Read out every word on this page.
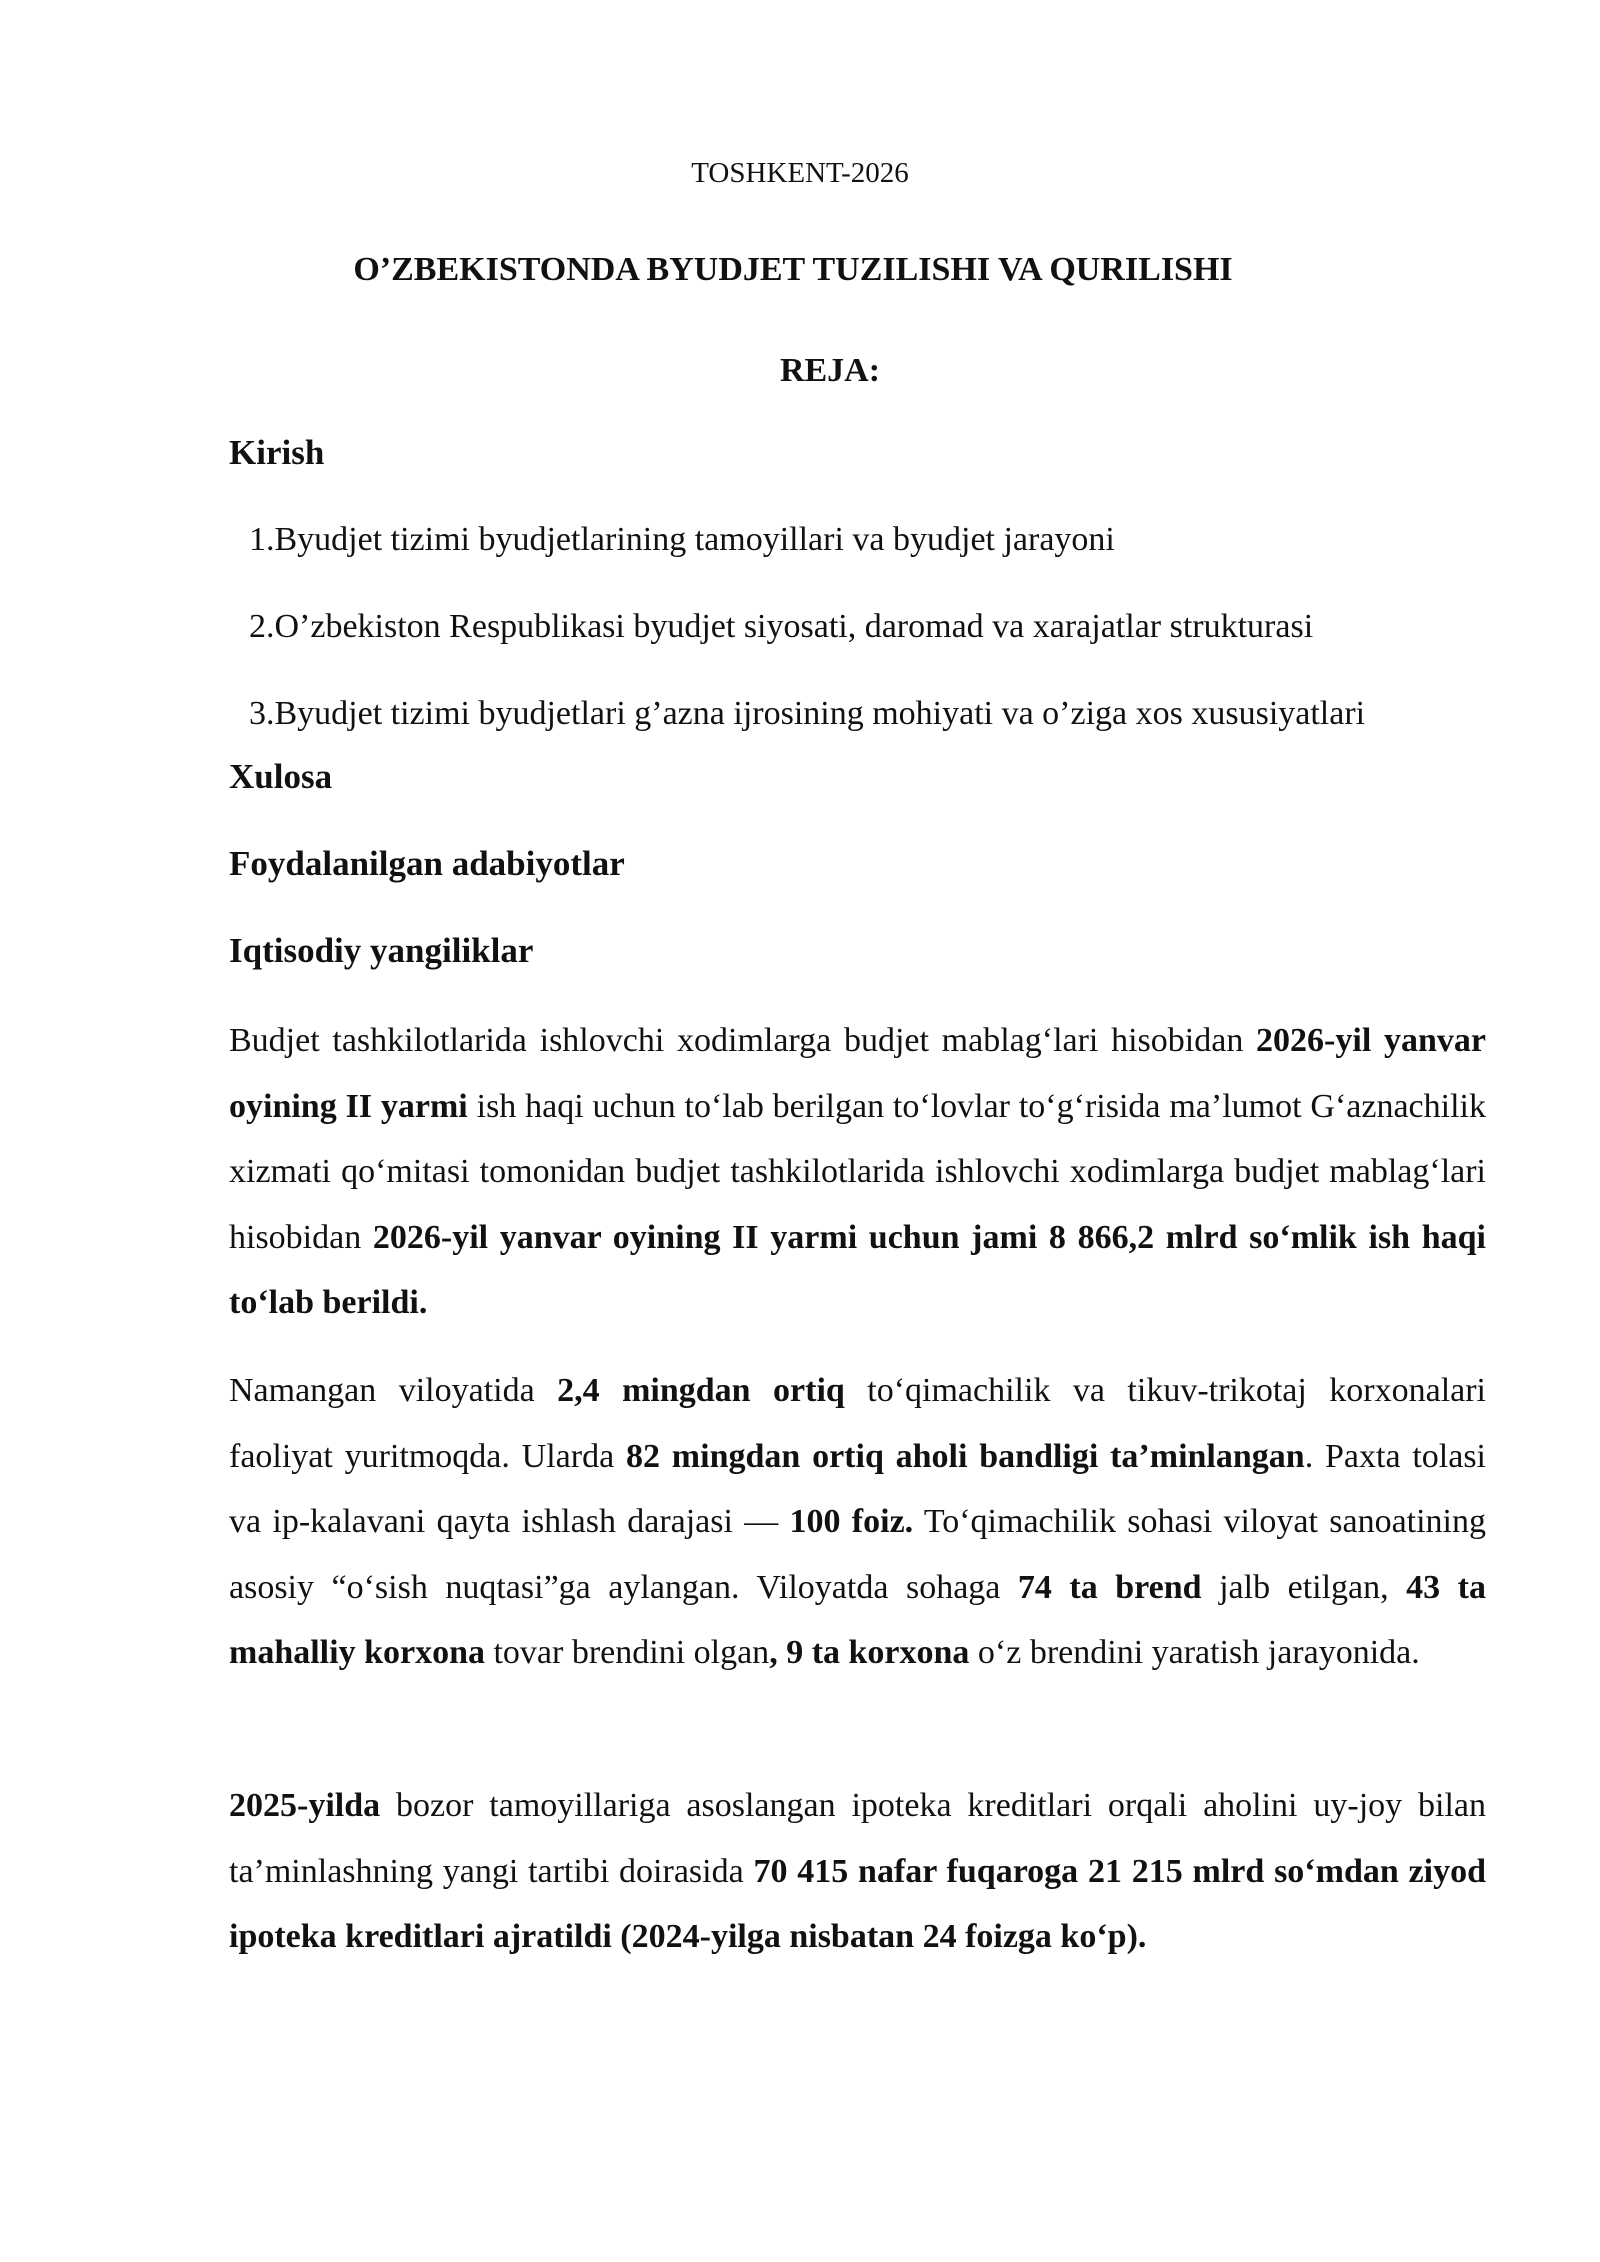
TOSHKENT-2026

O’ZBEKISTONDA BYUDJET TUZILISHI VA QURILISHI

REJA:

Kirish

1.Byudjet tizimi byudjetlarining tamoyillari va byudjet jarayoni

2.O’zbekiston Respublikasi byudjet siyosati, daromad va xarajatlar strukturasi

3.Byudjet tizimi byudjetlari g’azna ijrosining mohiyati va o’ziga xos xususiyatlari

Xulosa

Foydalanilgan adabiyotlar

Iqtisodiy yangiliklar

Budjet tashkilotlarida ishlovchi xodimlarga budjet mablag‘lari hisobidan 2026-yil yanvar oyining II yarmi ish haqi uchun to‘lab berilgan to‘lovlar to‘g‘risida ma’lumot G‘aznachilik xizmati qo‘mitasi tomonidan budjet tashkilotlarida ishlovchi xodimlarga budjet mablag‘lari hisobidan 2026-yil yanvar oyining II yarmi uchun jami 8 866,2 mlrd so‘mlik ish haqi to‘lab berildi.

Namangan viloyatida 2,4 mingdan ortiq to‘qimachilik va tikuv-trikotaj korxonalari faoliyat yuritmoqda. Ularda 82 mingdan ortiq aholi bandligi ta’minlangan. Paxta tolasi va ip-kalavani qayta ishlash darajasi — 100 foiz. To‘qimachilik sohasi viloyat sanoatining asosiy “o‘sish nuqtasi”ga aylangan. Viloyatda sohaga 74 ta brend jalb etilgan, 43 ta mahalliy korxona tovar brendini olgan, 9 ta korxona o‘z brendini yaratish jarayonida.

2025-yilda bozor tamoyillariga asoslangan ipoteka kreditlari orqali aholini uy-joy bilan ta’minlashning yangi tartibi doirasida 70 415 nafar fuqaroga 21 215 mlrd so‘mdan ziyod ipoteka kreditlari ajratildi (2024-yilga nisbatan 24 foizga ko‘p).
